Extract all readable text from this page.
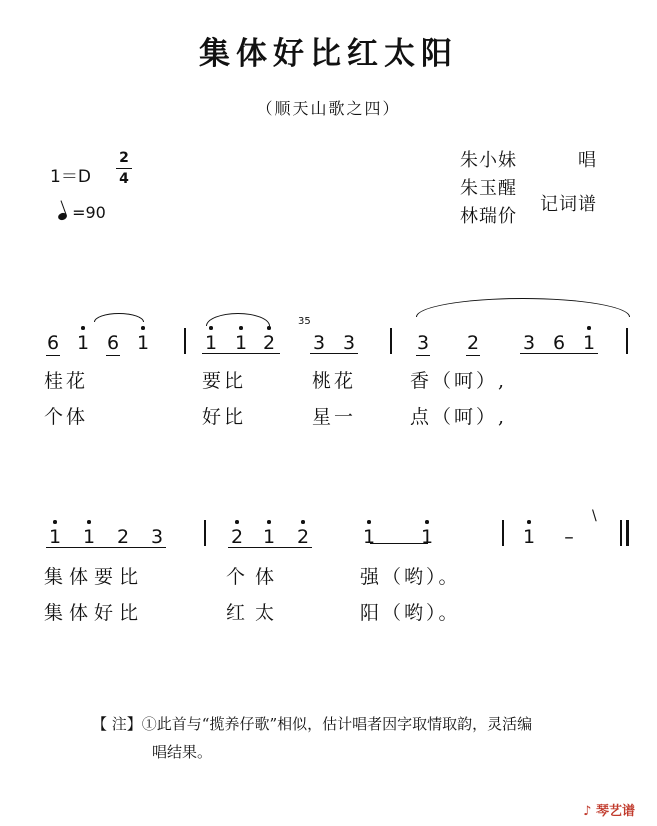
集体好比红太阳
（顺天山歌之四）
1＝D
2
4
=90
朱小妹	唱
朱玉醒
林瑞价
记词谱
6 1 6 1	1 1 2
35
3 3	3 2 3 6 1
桂花	要比	桃花	香（呵）,
个体	好比	星一	点（呵）,
1 1 2 3	2 1 2	1 1	1 –
\
集体要比	个体	强（哟）。
集体好比	红太	阳（哟）。
【 注】①此首与“揽养仔歌”相似，估计唱者因字取情取韵，灵活编
唱结果。
♪ 琴艺谱
